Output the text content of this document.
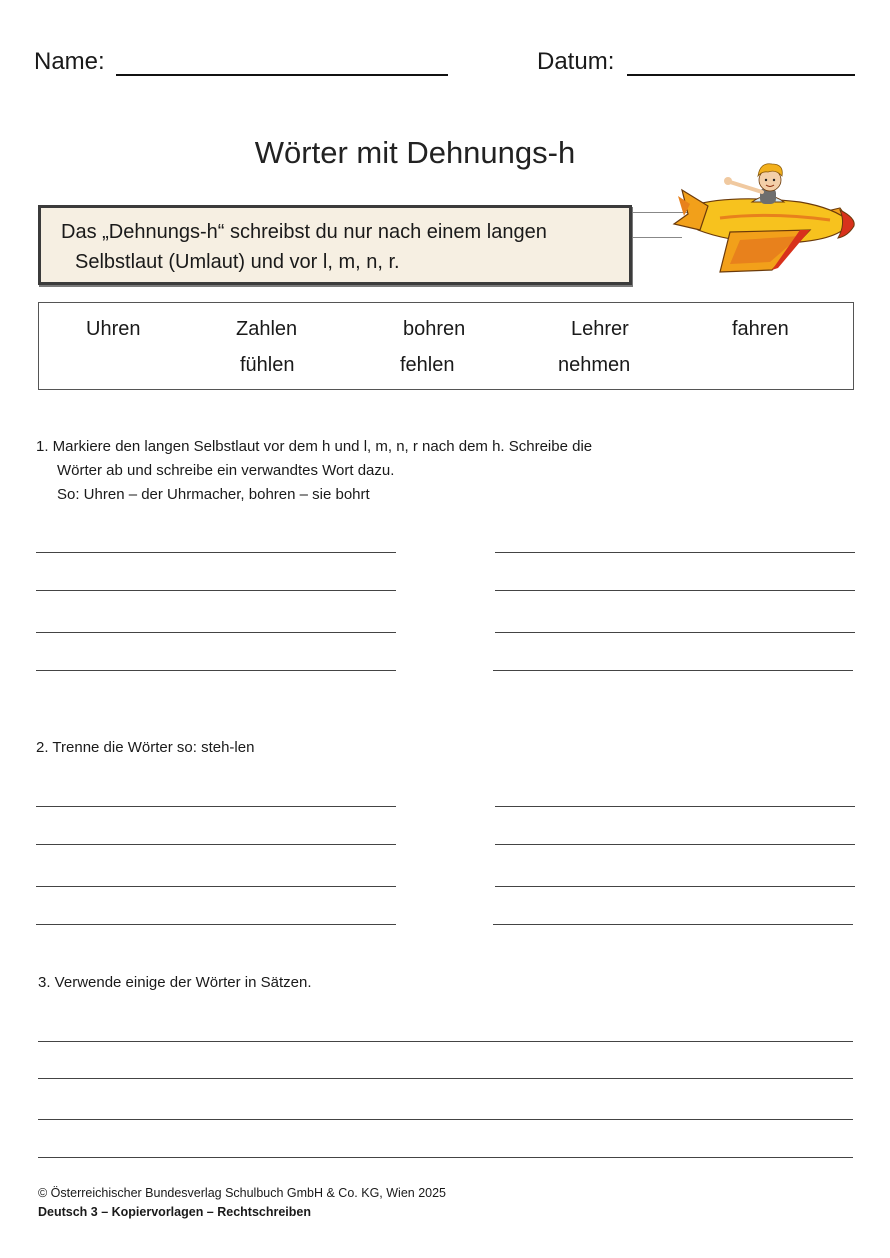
Name:	Datum:
Wörter mit Dehnungs-h
Das „Dehnungs-h“ schreibst du nur nach einem langen
Selbstlaut (Umlaut) und vor l, m, n, r.
Uhren	Zahlen	bohren	Lehrer	fahren
fühlen	fehlen	nehmen
1. Markiere den langen Selbstlaut vor dem h und l, m, n, r nach dem h. Schreibe die
Wörter ab und schreibe ein verwandtes Wort dazu.
So: Uhren – der Uhrmacher, bohren – sie bohrt
2. Trenne die Wörter so: steh-len
3. Verwende einige der Wörter in Sätzen.
© Österreichischer Bundesverlag Schulbuch GmbH & Co. KG, Wien 2025
Deutsch 3 – Kopiervorlagen – Rechtschreiben
